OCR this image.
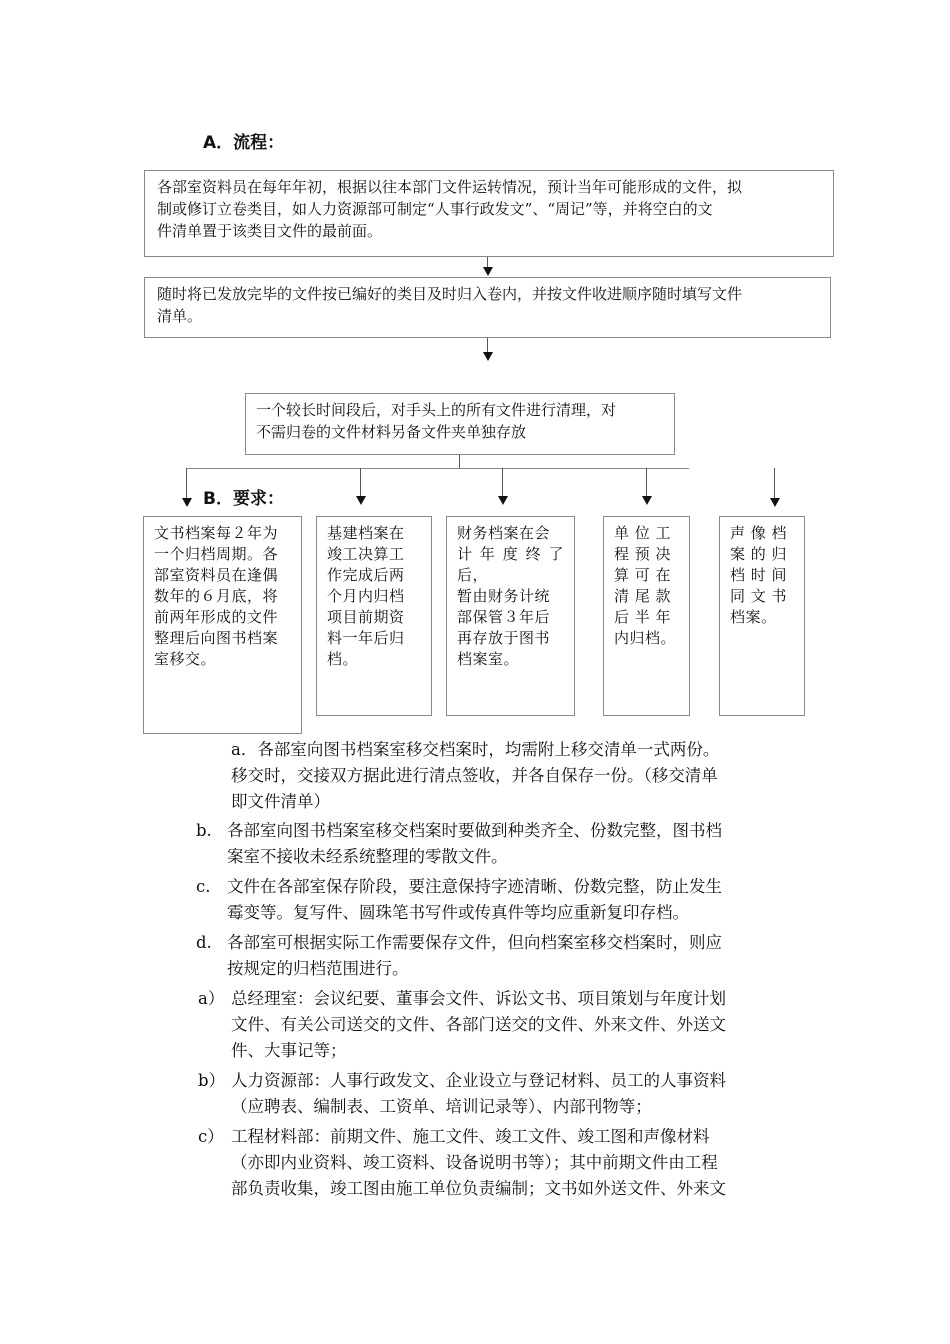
A．流程：
各部室资料员在每年年初，根据以往本部门文件运转情况，预计当年可能形成的文件，拟
制或修订立卷类目，如人力资源部可制定“人事行政发文”、“周记”等，并将空白的文
件清单置于该类目文件的最前面。
随时将已发放完毕的文件按已编好的类目及时归入卷内，并按文件收进顺序随时填写文件
清单。
一个较长时间段后，对手头上的所有文件进行清理，对
不需归卷的文件材料另备文件夹单独存放
B．要求：
文书档案每２年为
一个归档周期。各
部室资料员在逢偶
数年的６月底，将
前两年形成的文件
整理后向图书档案
室移交。
基建档案在
竣工决算工
作完成后两
个月内归档
项目前期资
料一年后归
档。
财务档案在会
计年度终了后，
暂由财务计统
部保管３年后
再存放于图书
档案室。
单 位 工
程 预 决
算 可 在
清 尾 款
后 半 年
内归档。
声 像 档
案 的 归
档 时 间
同 文 书
档案。
a．各部室向图书档案室移交档案时，均需附上移交清单一式两份。
移交时，交接双方据此进行清点签收，并各自保存一份。（移交清单
即文件清单）
b. 各部室向图书档案室移交档案时要做到种类齐全、份数完整，图书档
案室不接收未经系统整理的零散文件。
c. 文件在各部室保存阶段，要注意保持字迹清晰、份数完整，防止发生
霉变等。复写件、圆珠笔书写件或传真件等均应重新复印存档。
d. 各部室可根据实际工作需要保存文件，但向档案室移交档案时，则应
按规定的归档范围进行。
a） 总经理室：会议纪要、董事会文件、诉讼文书、项目策划与年度计划
文件、有关公司送交的文件、各部门送交的文件、外来文件、外送文
件、大事记等；
b） 人力资源部：人事行政发文、企业设立与登记材料、员工的人事资料
（应聘表、编制表、工资单、培训记录等）、内部刊物等；
c） 工程材料部：前期文件、施工文件、竣工文件、竣工图和声像材料
（亦即内业资料、竣工资料、设备说明书等）；其中前期文件由工程
部负责收集，竣工图由施工单位负责编制；文书如外送文件、外来文
